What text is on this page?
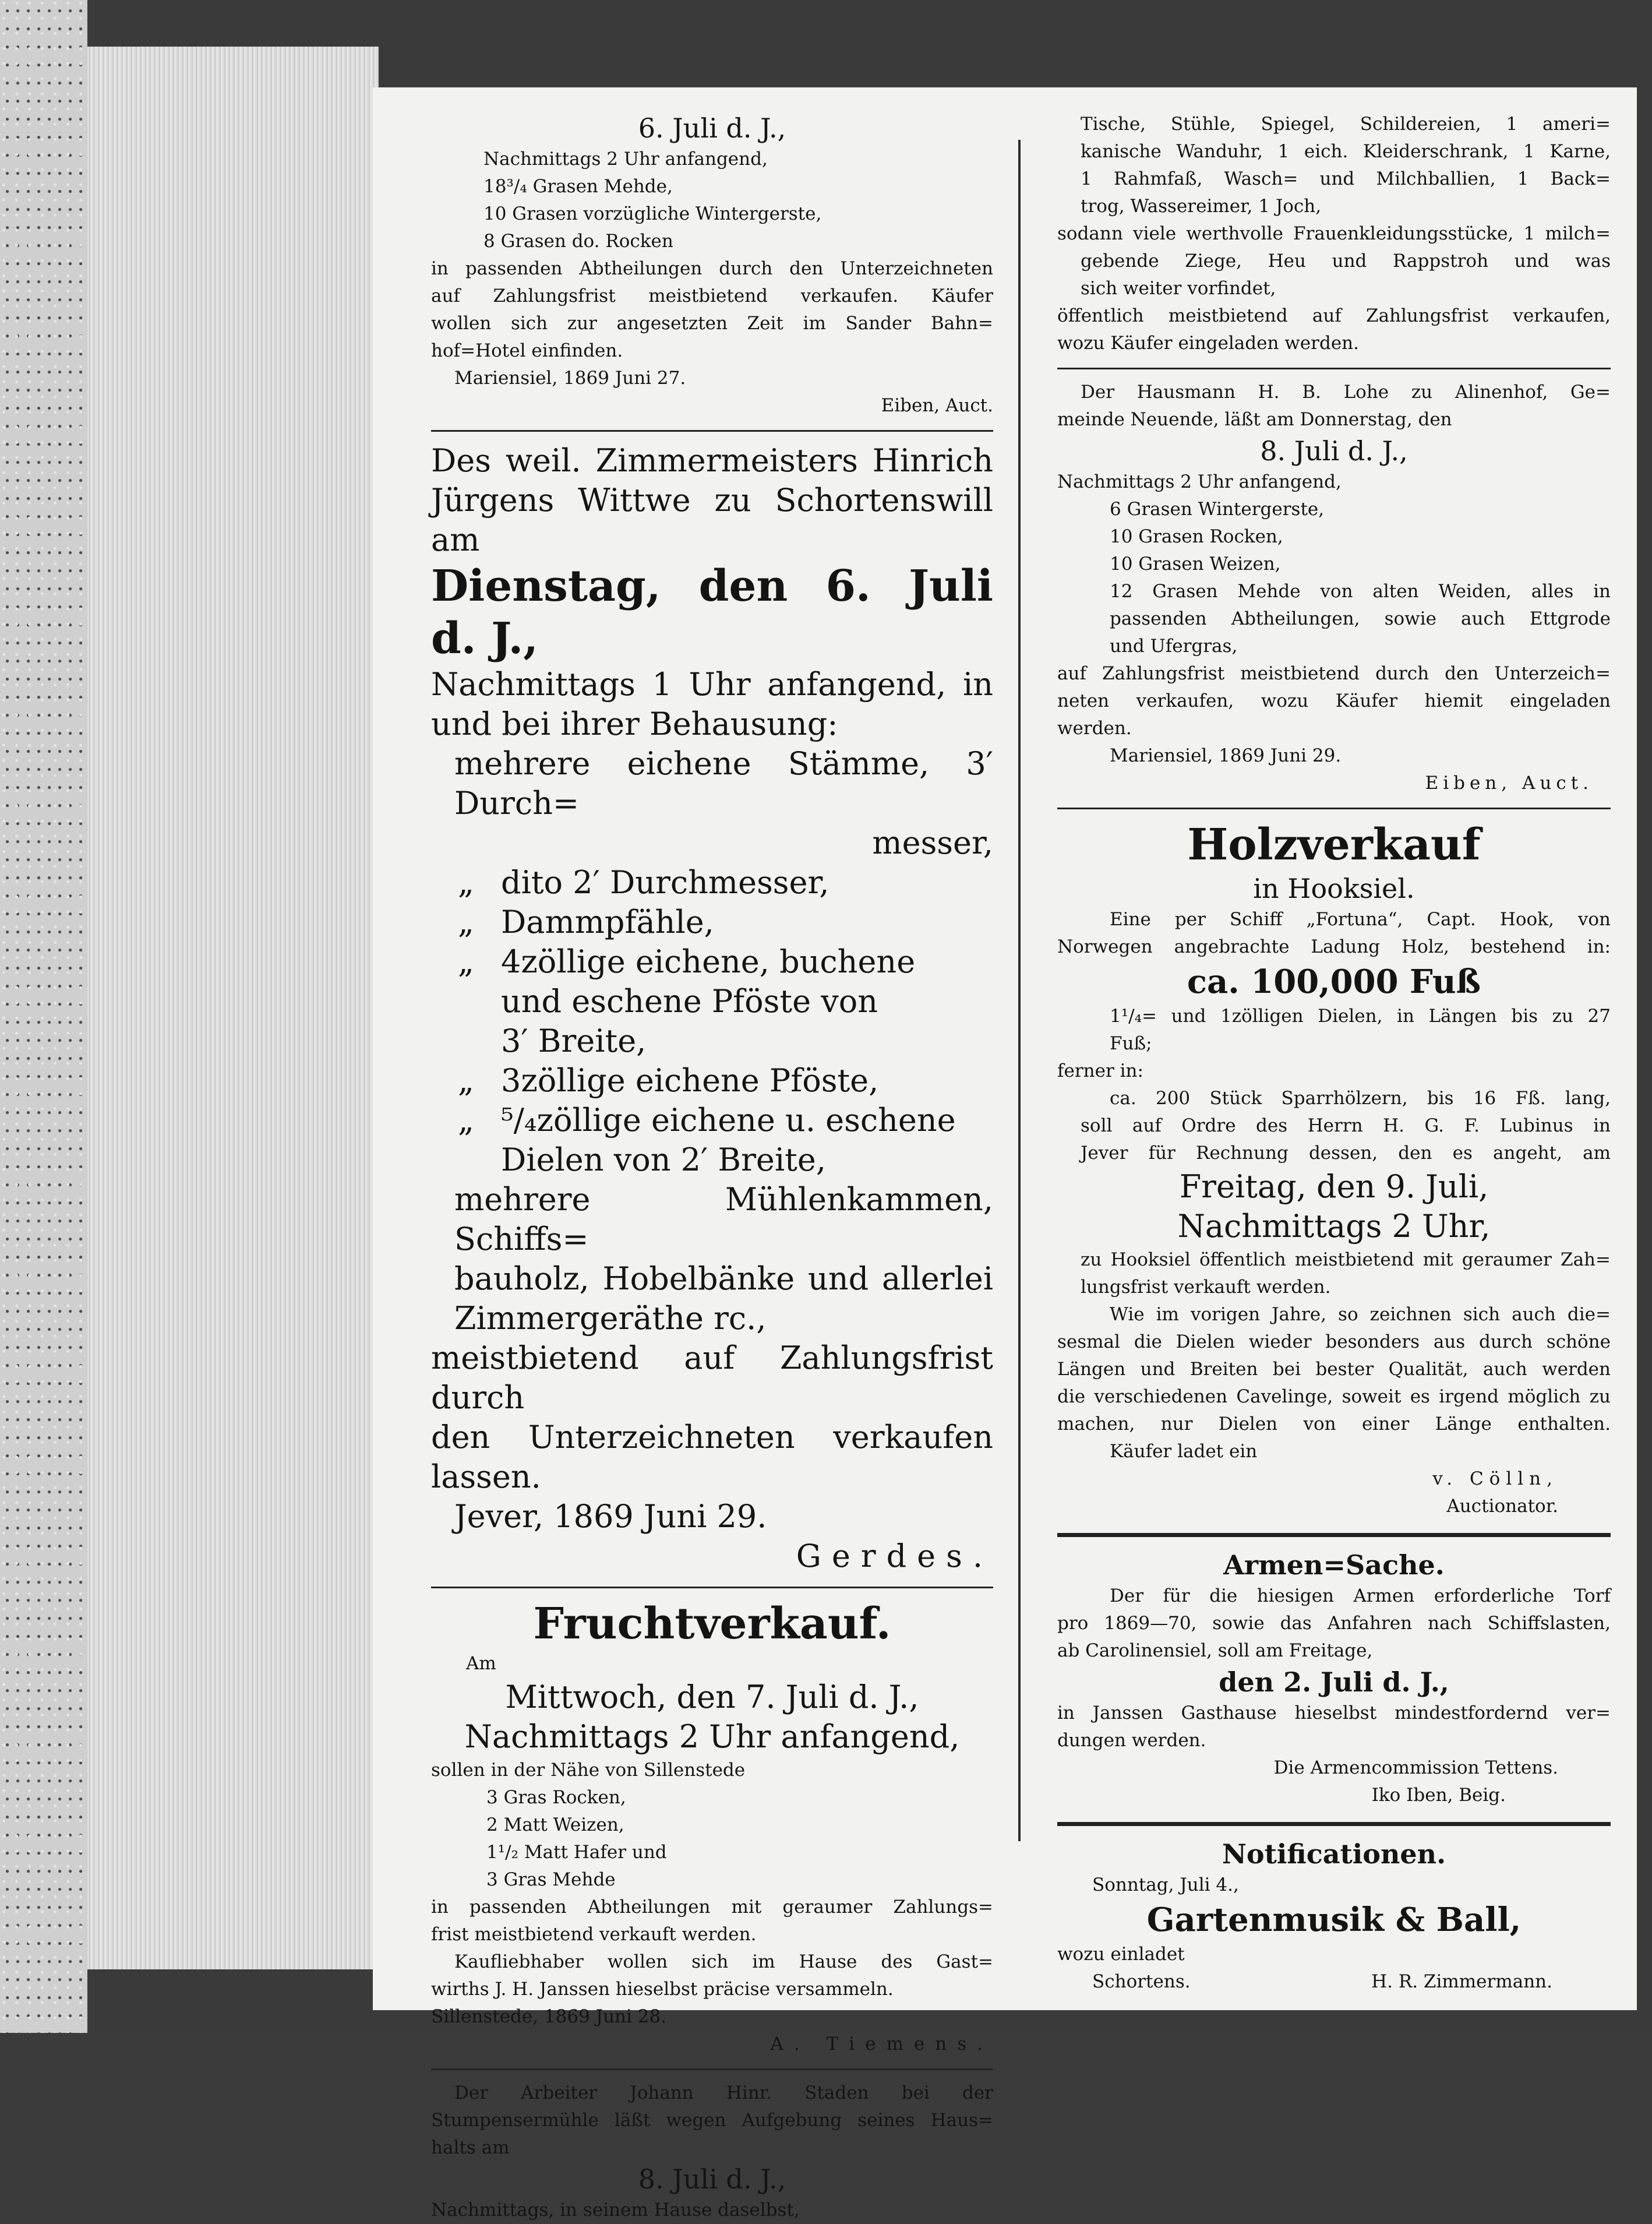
6. Juli d. J.,
Nachmittags 2 Uhr anfangend,
18³/₄ Grasen Mehde,
10 Grasen vorzügliche Wintergerste,
8 Grasen do. Rocken
in passenden Abtheilungen durch den Unterzeichneten
auf Zahlungsfrist meistbietend verkaufen. Käufer
wollen sich zur angesetzten Zeit im Sander Bahn=
hof=Hotel einfinden.
Mariensiel, 1869 Juni 27.
Eiben, Auct.
Des weil. Zimmermeisters Hinrich
Jürgens Wittwe zu Schortenswill am
Dienstag, den 6. Juli
d. J.,
Nachmittags 1 Uhr anfangend, in
und bei ihrer Behausung:
mehrere eichene Stämme, 3′ Durch=
messer,
„ dito 2′ Durchmesser,
„ Dammpfähle,
„ 4zöllige eichene, buchene
und eschene Pföste von
3′ Breite,
„ 3zöllige eichene Pföste,
„ ⁵/₄zöllige eichene u. eschene
Dielen von 2′ Breite,
mehrere Mühlenkammen, Schiffs=
bauholz, Hobelbänke und allerlei
Zimmergeräthe rc.,
meistbietend auf Zahlungsfrist durch
den Unterzeichneten verkaufen lassen.
Jever, 1869 Juni 29.
Gerdes.
Fruchtverkauf.
Am
Mittwoch, den 7. Juli d. J.,
Nachmittags 2 Uhr anfangend,
sollen in der Nähe von Sillenstede
3 Gras Rocken,
2 Matt Weizen,
1¹/₂ Matt Hafer und
3 Gras Mehde
in passenden Abtheilungen mit geraumer Zahlungs=
frist meistbietend verkauft werden.
Kaufliebhaber wollen sich im Hause des Gast=
wirths J. H. Janssen hieselbst präcise versammeln.
Sillenstede, 1869 Juni 28.
A. Tiemens.
Der Arbeiter Johann Hinr. Staden bei der
Stumpensermühle läßt wegen Aufgebung seines Haus=
halts am
8. Juli d. J.,
Nachmittags, in seinem Hause daselbst,
Tische, Stühle, Spiegel, Schildereien, 1 ameri=
kanische Wanduhr, 1 eich. Kleiderschrank, 1 Karne,
1 Rahmfaß, Wasch= und Milchballien, 1 Back=
trog, Wassereimer, 1 Joch,
sodann viele werthvolle Frauenkleidungsstücke, 1 milch=
gebende Ziege, Heu und Rappstroh und was
sich weiter vorfindet,
öffentlich meistbietend auf Zahlungsfrist verkaufen,
wozu Käufer eingeladen werden.
Der Hausmann H. B. Lohe zu Alinenhof, Ge=
meinde Neuende, läßt am Donnerstag, den
8. Juli d. J.,
Nachmittags 2 Uhr anfangend,
6 Grasen Wintergerste,
10 Grasen Rocken,
10 Grasen Weizen,
12 Grasen Mehde von alten Weiden, alles in
passenden Abtheilungen, sowie auch Ettgrode
und Ufergras,
auf Zahlungsfrist meistbietend durch den Unterzeich=
neten verkaufen, wozu Käufer hiemit eingeladen
werden.
Mariensiel, 1869 Juni 29.
Eiben, Auct.
Holzverkauf
in Hooksiel.
Eine per Schiff „Fortuna“, Capt. Hook, von
Norwegen angebrachte Ladung Holz, bestehend in:
ca. 100,000 Fuß
1¹/₄= und 1zölligen Dielen, in Längen bis zu 27
Fuß;
ferner in:
ca. 200 Stück Sparrhölzern, bis 16 Fß. lang,
soll auf Ordre des Herrn H. G. F. Lubinus in
Jever für Rechnung dessen, den es angeht, am
Freitag, den 9. Juli,
Nachmittags 2 Uhr,
zu Hooksiel öffentlich meistbietend mit geraumer Zah=
lungsfrist verkauft werden.
Wie im vorigen Jahre, so zeichnen sich auch die=
sesmal die Dielen wieder besonders aus durch schöne
Längen und Breiten bei bester Qualität, auch werden
die verschiedenen Cavelinge, soweit es irgend möglich zu
machen, nur Dielen von einer Länge enthalten.
Käufer ladet ein
v. Cölln,
Auctionator.
Armen=Sache.
Der für die hiesigen Armen erforderliche Torf
pro 1869—70, sowie das Anfahren nach Schiffslasten,
ab Carolinensiel, soll am Freitage,
den 2. Juli d. J.,
in Janssen Gasthause hieselbst mindestfordernd ver=
dungen werden.
Die Armencommission Tettens.
Iko Iben, Beig.
Notificationen.
Sonntag, Juli 4.,
Gartenmusik & Ball,
wozu einladet
Schortens.	H. R. Zimmermann.
